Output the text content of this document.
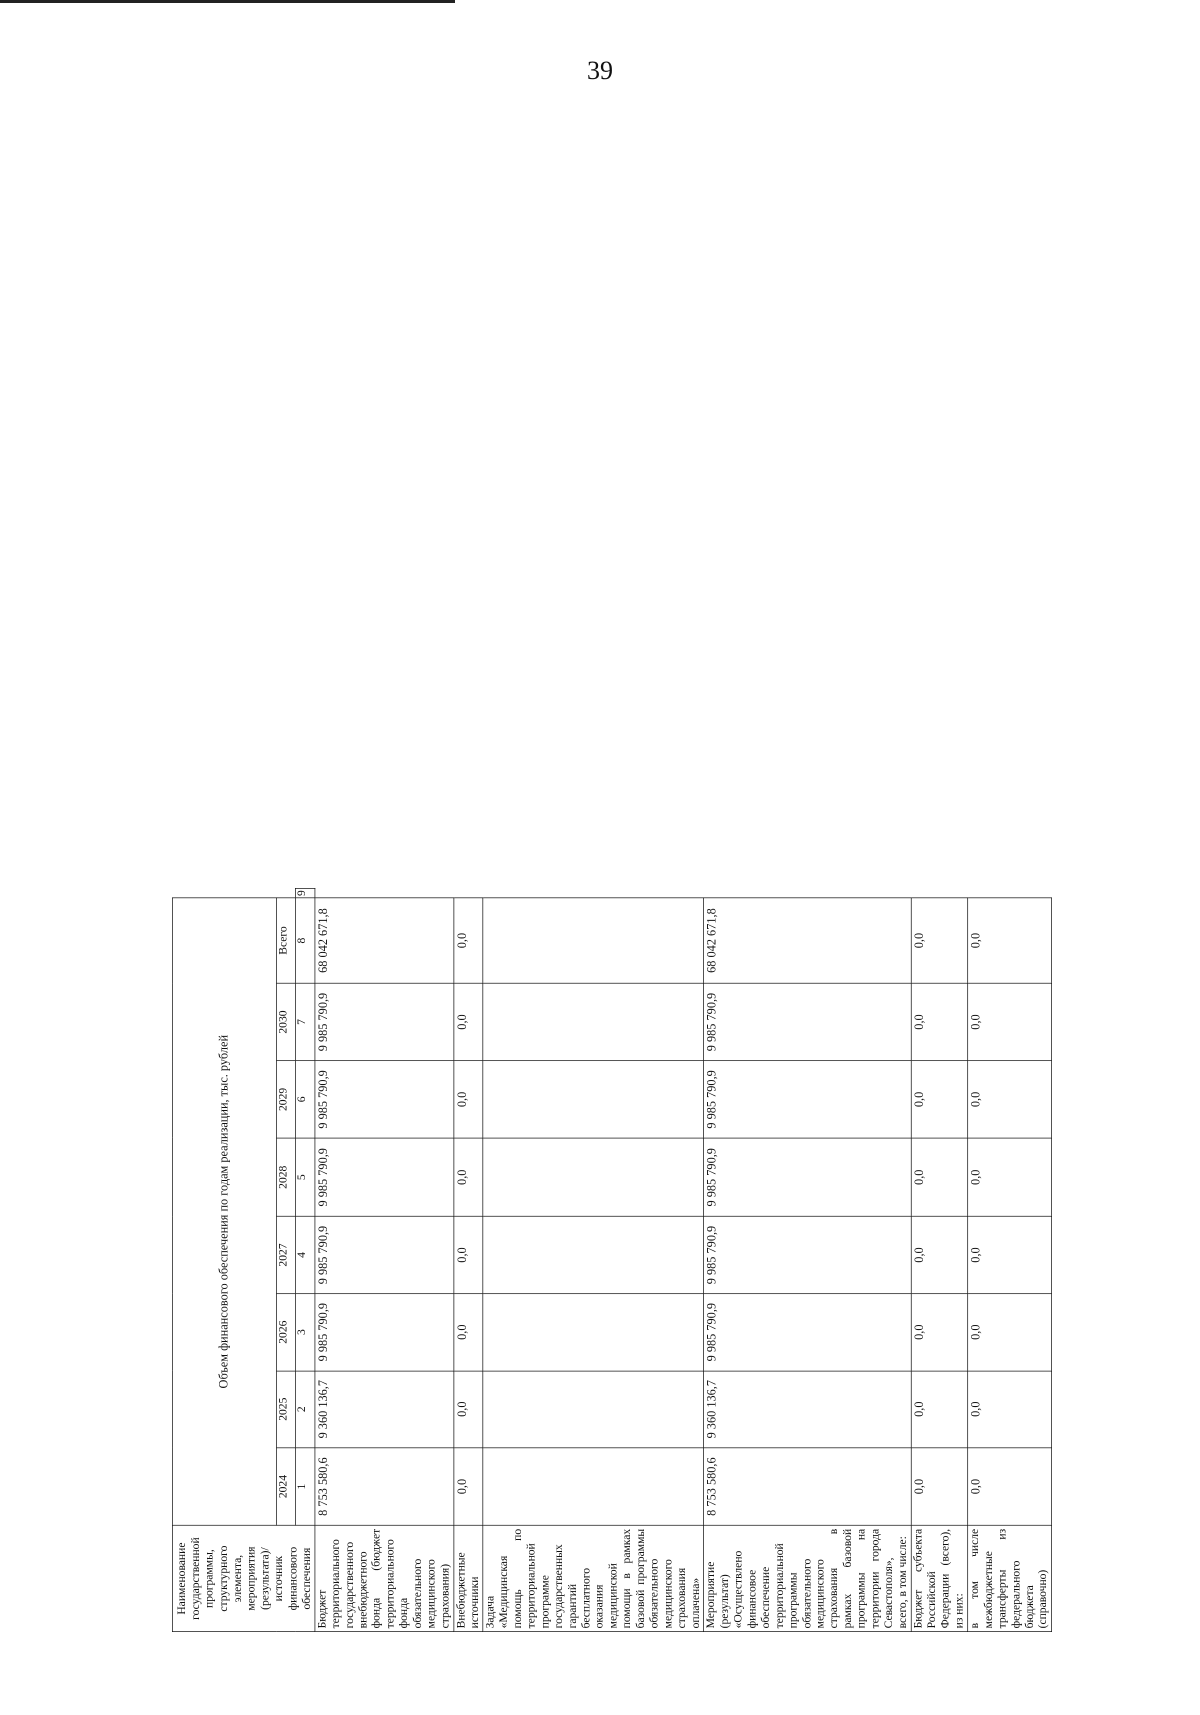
39
Наименование государственной программы, структурного элемента, мероприятия (результата)/источник финансового обеспечения	Объем финансового обеспечения по годам реализации, тыс. рублей								
	2024	2025	2026	2027	2028	2029	2030	Всего	
	1	2	3	4	5	6	7	8	9
Бюджет территориального государственного внебюджетного фонда (бюджет территориального фонда обязательного медицинского страхования)	8 753 580,6	9 360 136,7	9 985 790,9	9 985 790,9	9 985 790,9	9 985 790,9	9 985 790,9	68 042 671,8	
Внебюджетные источники	0,0	0,0	0,0	0,0	0,0	0,0	0,0	0,0	
Задача «Медицинская помощь по территориальной программе государственных гарантий бесплатного оказания медицинской помощи в рамках базовой программы обязательного медицинского страхования оплачена»									
Мероприятие (результат) «Осуществлено финансовое обеспечение территориальной программы обязательного медицинского страхования в рамках базовой программы на территории города Севастополя», всего, в том числе:	8 753 580,6	9 360 136,7	9 985 790,9	9 985 790,9	9 985 790,9	9 985 790,9	9 985 790,9	68 042 671,8	
Бюджет субъекта Российской Федерации (всего), из них:	0,0	0,0	0,0	0,0	0,0	0,0	0,0	0,0	
в том числе межбюджетные трансферты из федерального бюджета (справочно)	0,0	0,0	0,0	0,0	0,0	0,0	0,0	0,0	
